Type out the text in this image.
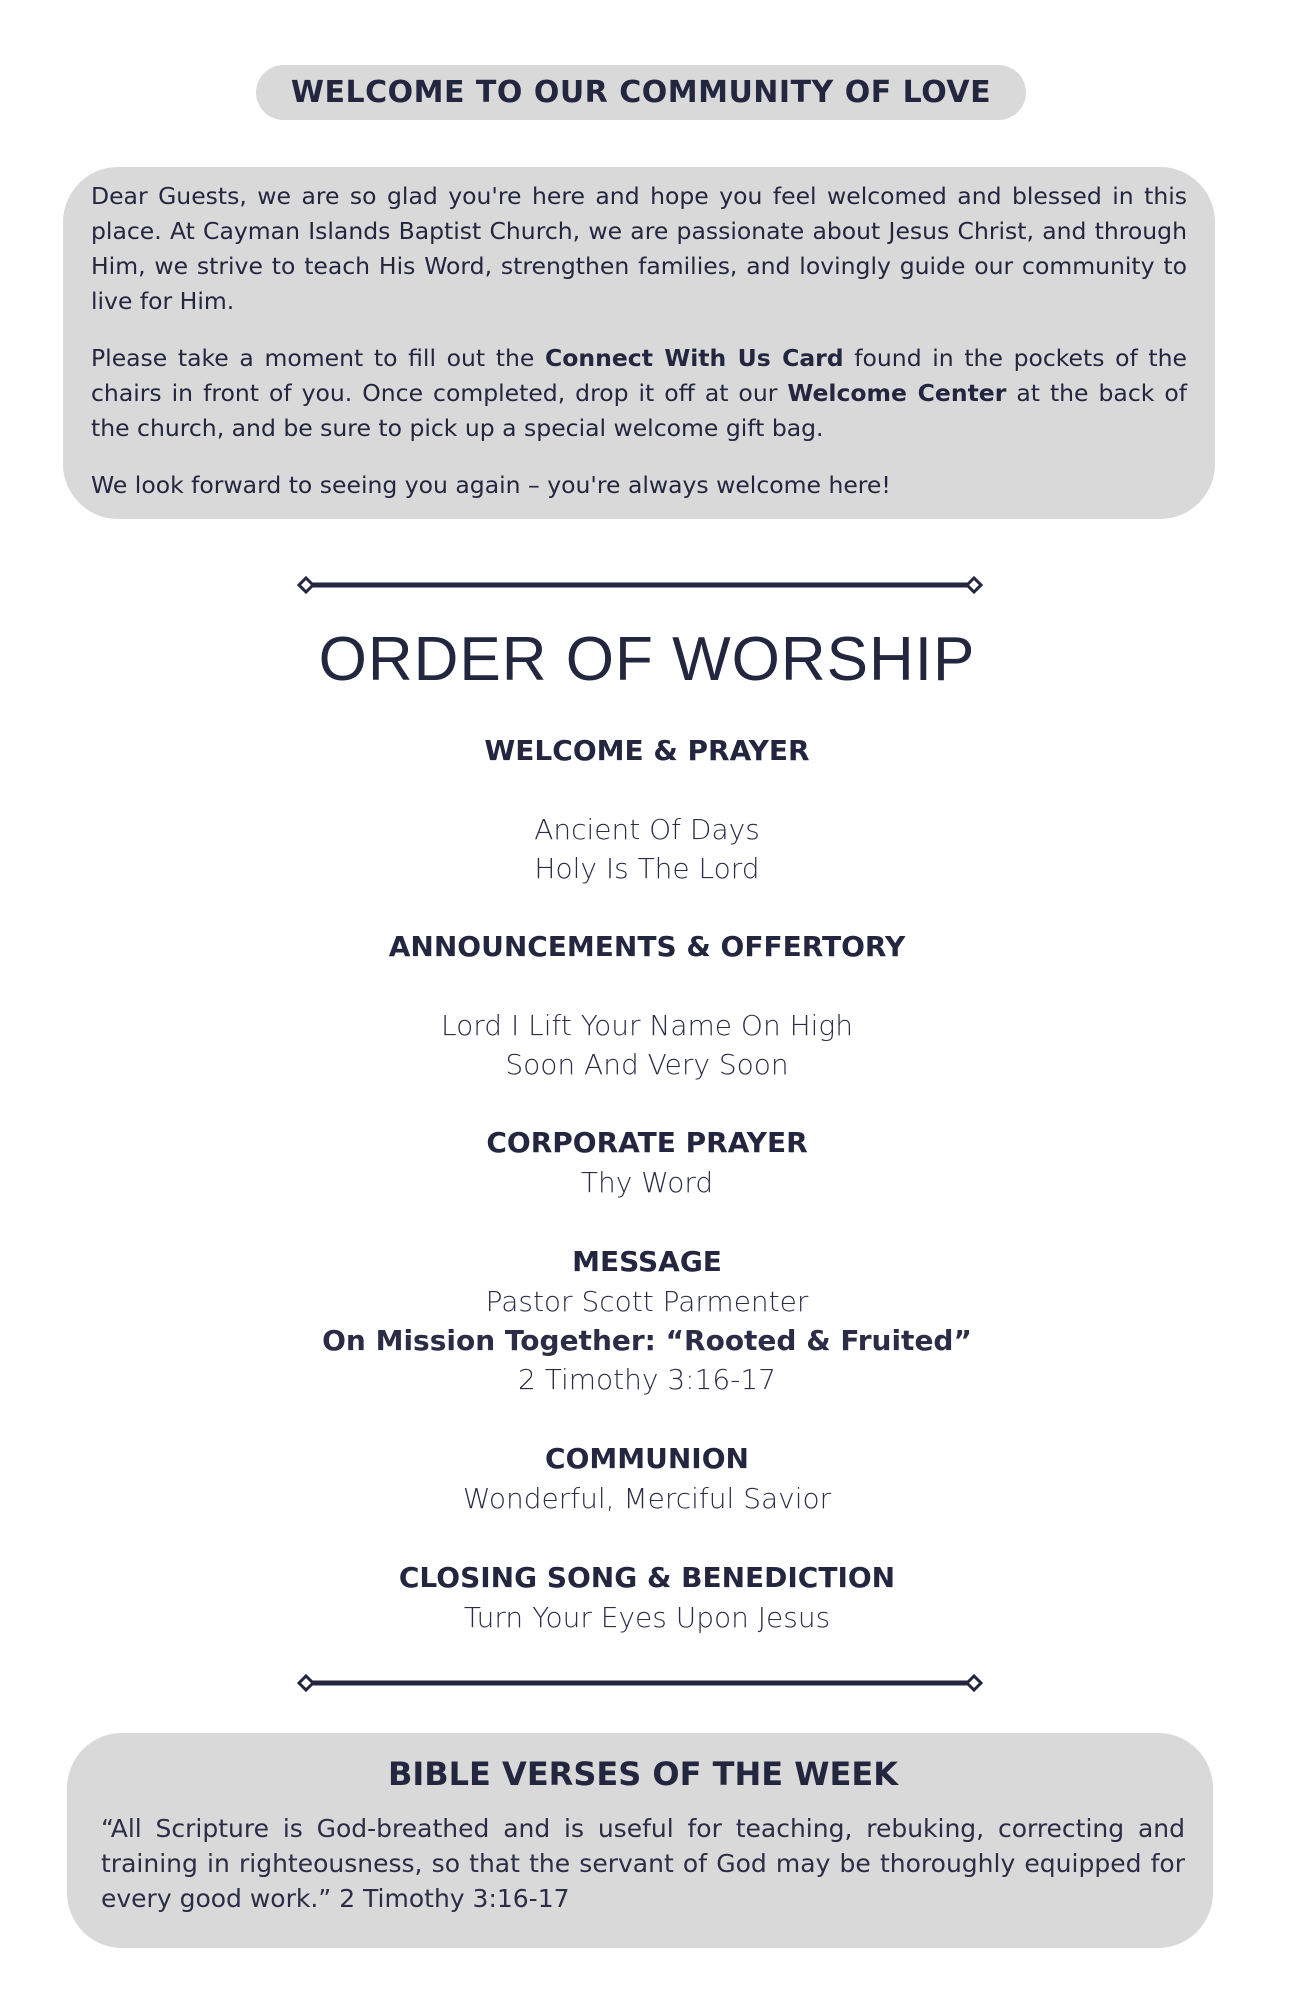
WELCOME TO OUR COMMUNITY OF LOVE

Dear Guests, we are so glad you're here and hope you feel welcomed and blessed in this place. At Cayman Islands Baptist Church, we are passionate about Jesus Christ, and through Him, we strive to teach His Word, strengthen families, and lovingly guide our community to live for Him.

Please take a moment to fill out the Connect With Us Card found in the pockets of the chairs in front of you. Once completed, drop it off at our Welcome Center at the back of the church, and be sure to pick up a special welcome gift bag.

We look forward to seeing you again – you're always welcome here!

ORDER OF WORSHIP
WELCOME & PRAYER
Ancient Of Days
Holy Is The Lord
ANNOUNCEMENTS & OFFERTORY
Lord I Lift Your Name On High
Soon And Very Soon
CORPORATE PRAYER
Thy Word
MESSAGE
Pastor Scott Parmenter
On Mission Together: “Rooted & Fruited”
2 Timothy 3:16-17
COMMUNION
Wonderful, Merciful Savior
CLOSING SONG & BENEDICTION
Turn Your Eyes Upon Jesus
BIBLE VERSES OF THE WEEK
“All Scripture is God-breathed and is useful for teaching, rebuking, correcting and training in righteousness, so that the servant of God may be thoroughly equipped for every good work.” 2 Timothy 3:16-17
